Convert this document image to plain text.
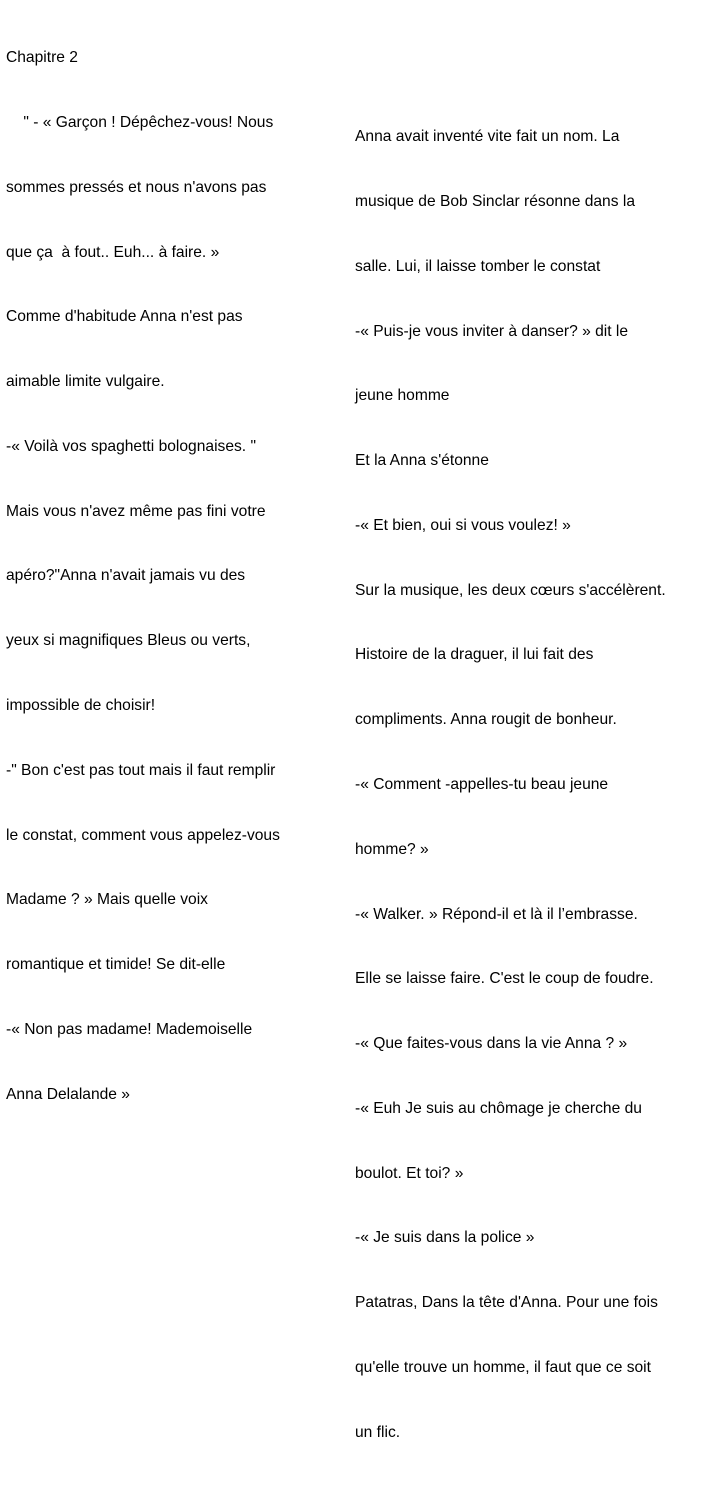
Chapitre 2

" - « Garçon ! Dépêchez-vous! Nous

sommes pressés et nous n'avons pas

que ça  à fout.. Euh... à faire. »

Comme d'habitude Anna n'est pas

aimable limite vulgaire.

-« Voilà vos spaghetti bolognaises. "

Mais vous n'avez même pas fini votre

apéro?"Anna n'avait jamais vu des

yeux si magnifiques Bleus ou verts,

impossible de choisir!

-" Bon c'est pas tout mais il faut remplir

le constat, comment vous appelez-vous

Madame ? » Mais quelle voix

romantique et timide! Se dit-elle

-« Non pas madame! Mademoiselle

Anna Delalande »

Anna avait inventé vite fait un nom. La

musique de Bob Sinclar résonne dans la

salle. Lui, il laisse tomber le constat

-« Puis-je vous inviter à danser? » dit le

jeune homme

Et la Anna s'étonne

-« Et bien, oui si vous voulez! »

Sur la musique, les deux cœurs s'accélèrent.

Histoire de la draguer, il lui fait des

compliments. Anna rougit de bonheur.

-« Comment -appelles-tu beau jeune

homme? »

-« Walker. » Répond-il et là il l’embrasse.

Elle se laisse faire. C'est le coup de foudre.

-« Que faites-vous dans la vie Anna ? »

-« Euh Je suis au chômage je cherche du

boulot. Et toi? »

-« Je suis dans la police »

Patatras, Dans la tête d'Anna. Pour une fois

qu'elle trouve un homme, il faut que ce soit

un flic.
